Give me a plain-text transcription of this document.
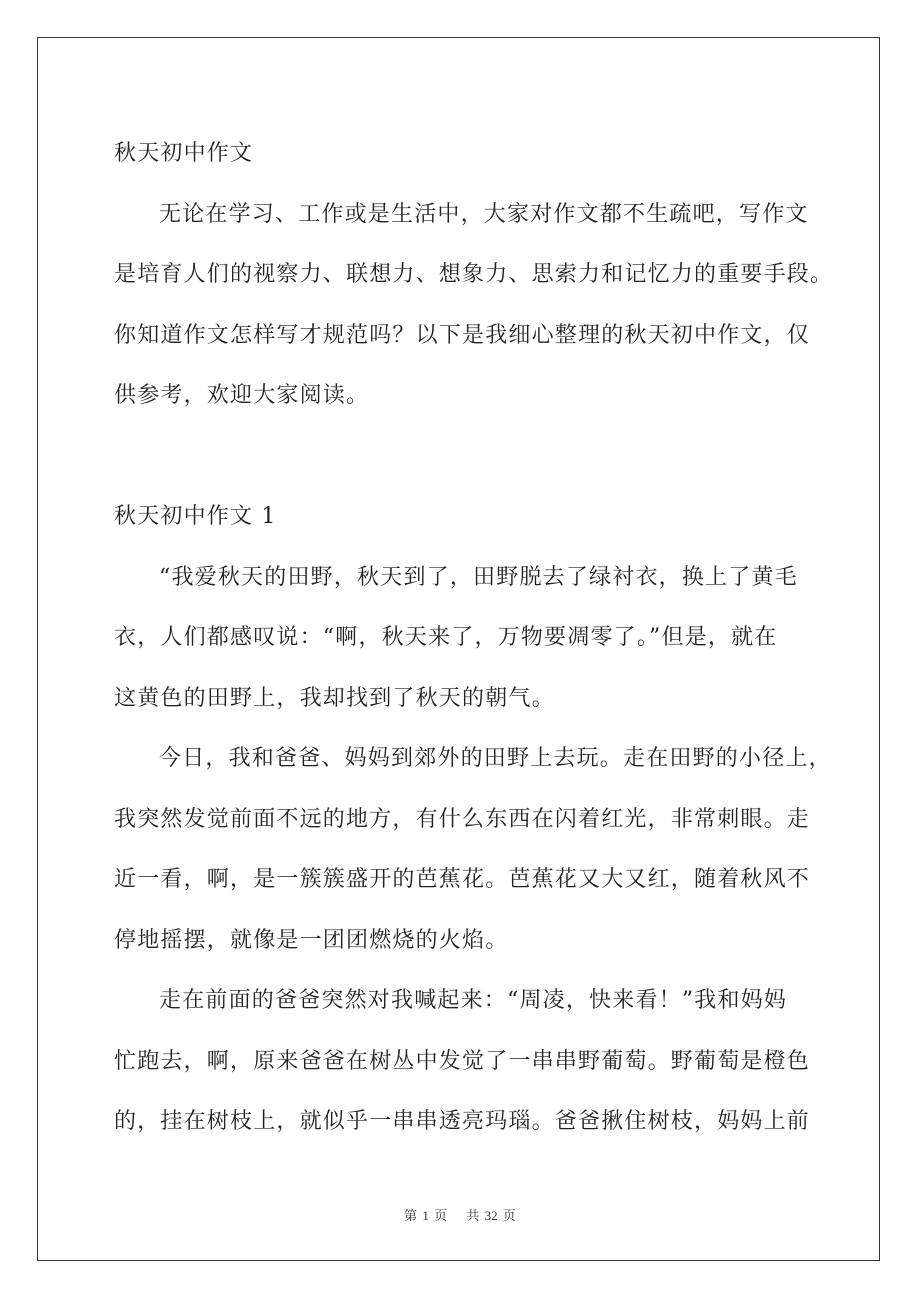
秋天初中作文
无论在学习、工作或是生活中，大家对作文都不生疏吧，写作文
是培育人们的视察力、联想力、想象力、思索力和记忆力的重要手段。
你知道作文怎样写才规范吗？以下是我细心整理的秋天初中作文，仅
供参考，欢迎大家阅读。
秋天初中作文 1
“我爱秋天的田野，秋天到了，田野脱去了绿衬衣，换上了黄毛
衣，人们都感叹说：“啊，秋天来了，万物要凋零了。”但是，就在
这黄色的田野上，我却找到了秋天的朝气。
今日，我和爸爸、妈妈到郊外的田野上去玩。走在田野的小径上，
我突然发觉前面不远的地方，有什么东西在闪着红光，非常刺眼。走
近一看，啊，是一簇簇盛开的芭蕉花。芭蕉花又大又红，随着秋风不
停地摇摆，就像是一团团燃烧的火焰。
走在前面的爸爸突然对我喊起来：“周凌，快来看！”我和妈妈
忙跑去，啊，原来爸爸在树丛中发觉了一串串野葡萄。野葡萄是橙色
的，挂在树枝上，就似乎一串串透亮玛瑙。爸爸揪住树枝，妈妈上前
第 1 页 共 32 页
